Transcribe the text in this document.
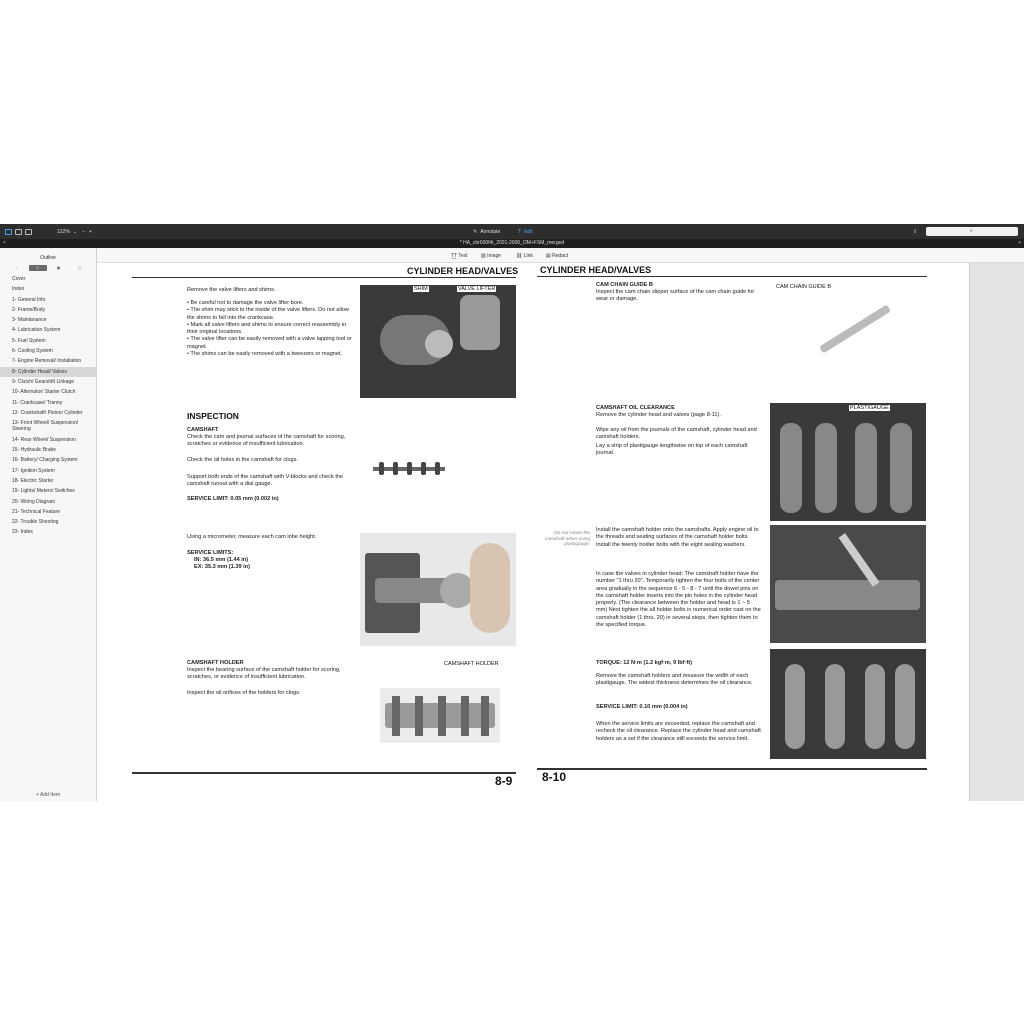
122% ⌄ − +	✎ Annotate	T Edit	⇪	⌕
×	* HA_cbr600f4i_2001-2006_OM+FSM_merged	+
Outline
▫	≡	▣	▯
Cover
Index
1- General Info
2- Frame/Body
3- Maintanance
4- Lubrication System
5- Fuel System
6- Cooling System
7- Engine Removal/ Installation
8- Cylinder Head/ Valves
9- Clutch/ Gearshift Linkage
10- Alternator/ Starter Clutch
11- Crankcase/ Tranny
12- Crankshaft/ Piston/ Cylinder
13- Front Wheel/ Suspension/ Steering
14- Rear Wheel/ Suspension
15- Hydraulic Brake
16- Battery/ Charging System
17- Ignition System
18- Electric Starter
19- Lights/ Meters/ Switches
20- Wiring Diagram
21- Technical Feature
22- Trouble Shooting
23- Index
+ Add Item
T͟T Text	▨ Image	⛓ Link	▤ Redact
CYLINDER HEAD/VALVES
Remove the valve lifters and shims.
• Be careful not to damage the valve lifter bore.
• The shim may stick to the inside of the valve lifters. Do not allow the shims to fall into the crankcase.
• Mark all valve lifters and shims to ensure correct reassembly in their original locations.
• The valve lifter can be easily removed with a valve lapping tool or magnet.
• The shims can be easily removed with a tweezers or magnet.
SHIM	VALVE LIFTER
INSPECTION
CAMSHAFT
Check the cam and journal surfaces of the camshaft for scoring, scratches or evidence of insufficient lubrication.
Check the oil holes in the camshaft for clogs.
Support both ends of the camshaft with V-blocks and check the camshaft runout with a dial gauge.
SERVICE LIMIT: 0.05 mm (0.002 in)
Using a micrometer, measure each cam lobe height.
SERVICE LIMITS:
IN: 36.5 mm (1.44 in)
EX: 35.3 mm (1.39 in)
CAMSHAFT HOLDER
Inspect the bearing surface of the camshaft holder for scoring, scratches, or evidence of insufficient lubrication.
Inspect the oil orifices of the holders for clogs.
CAMSHAFT HOLDER
8-9
CYLINDER HEAD/VALVES
CAM CHAIN GUIDE B
Inspect the cam chain slipper surface of the cam chain guide for wear or damage.
CAM CHAIN GUIDE B
CAMSHAFT OIL CLEARANCE
Remove the cylinder head and valves (page 8-11).
Wipe any oil from the journals of the camshaft, cylinder head and camshaft holders.
Lay a strip of plastigauge lengthwise on top of each camshaft journal.
PLASTIGAUGE
Do not rotate the camshaft when using plastigauge.
Install the camshaft holder onto the camshafts. Apply engine oil to the threads and seating surfaces of the camshaft holder bolts. Install the twenty holder bolts with the eight sealing washers.
In case the valves in cylinder head: The camshaft holder have the number "1 thru 20". Temporarily tighten the four bolts of the center area gradually in the sequence 6 - 5 - 8 - 7 until the dowel pins on the camshaft holder inserts into the pin holes in the cylinder head properly. (The clearance between the holder and head is 1 ~ 5 mm) Next tighten the all holder bolts in numerical order cast on the camshaft holder (1 thru. 20) in several steps, then tighten them to the specified torque.
TORQUE: 12 N·m (1.2 kgf·m, 9 lbf·ft)
Remove the camshaft holders and measure the width of each plastigauge. The widest thickness determines the oil clearance.
SERVICE LIMIT: 0.10 mm (0.004 in)
When the service limits are exceeded, replace the camshaft and recheck the oil clearance. Replace the cylinder head and camshaft holders as a set if the clearance still exceeds the service limit.
8-10
